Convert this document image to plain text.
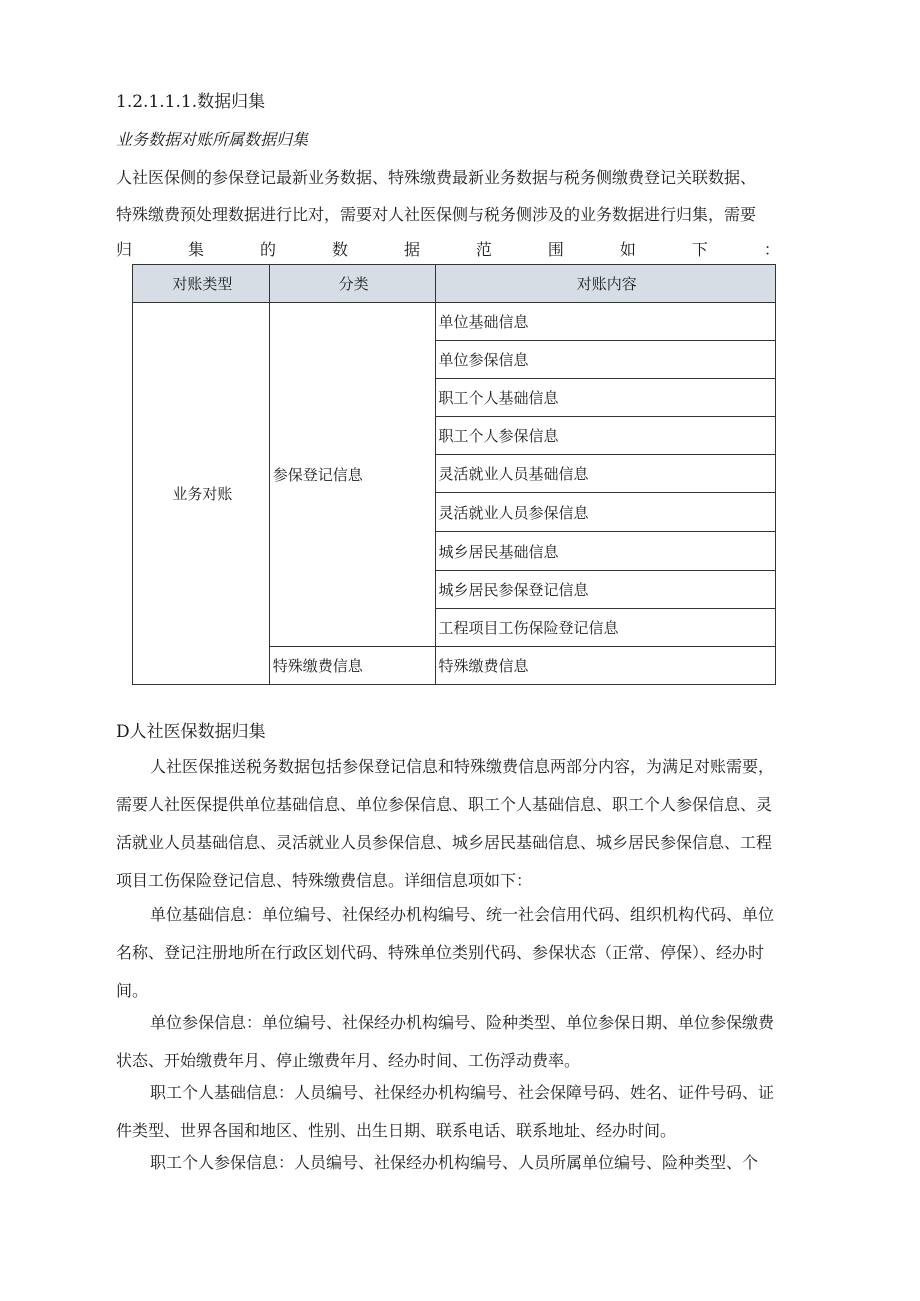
1.2.1.1.1.数据归集
业务数据对账所属数据归集
人社医保侧的参保登记最新业务数据、特殊缴费最新业务数据与税务侧缴费登记关联数据、
特殊缴费预处理数据进行比对，需要对人社医保侧与税务侧涉及的业务数据进行归集，需要
归	集	的	数	据	范	围	如	下	：
对账类型	分类	对账内容
业务对账	参保登记信息	单位基础信息
		单位参保信息
		职工个人基础信息
		职工个人参保信息
		灵活就业人员基础信息
		灵活就业人员参保信息
		城乡居民基础信息
		城乡居民参保登记信息
		工程项目工伤保险登记信息
	特殊缴费信息	特殊缴费信息
D人社医保数据归集
人社医保推送税务数据包括参保登记信息和特殊缴费信息两部分内容，为满足对账需要，需要人社医保提供单位基础信息、单位参保信息、职工个人基础信息、职工个人参保信息、灵活就业人员基础信息、灵活就业人员参保信息、城乡居民基础信息、城乡居民参保信息、工程项目工伤保险登记信息、特殊缴费信息。详细信息项如下：
单位基础信息：单位编号、社保经办机构编号、统一社会信用代码、组织机构代码、单位名称、登记注册地所在行政区划代码、特殊单位类别代码、参保状态（正常、停保）、经办时间。
单位参保信息：单位编号、社保经办机构编号、险种类型、单位参保日期、单位参保缴费状态、开始缴费年月、停止缴费年月、经办时间、工伤浮动费率。
职工个人基础信息：人员编号、社保经办机构编号、社会保障号码、姓名、证件号码、证件类型、世界各国和地区、性别、出生日期、联系电话、联系地址、经办时间。
职工个人参保信息：人员编号、社保经办机构编号、人员所属单位编号、险种类型、个
